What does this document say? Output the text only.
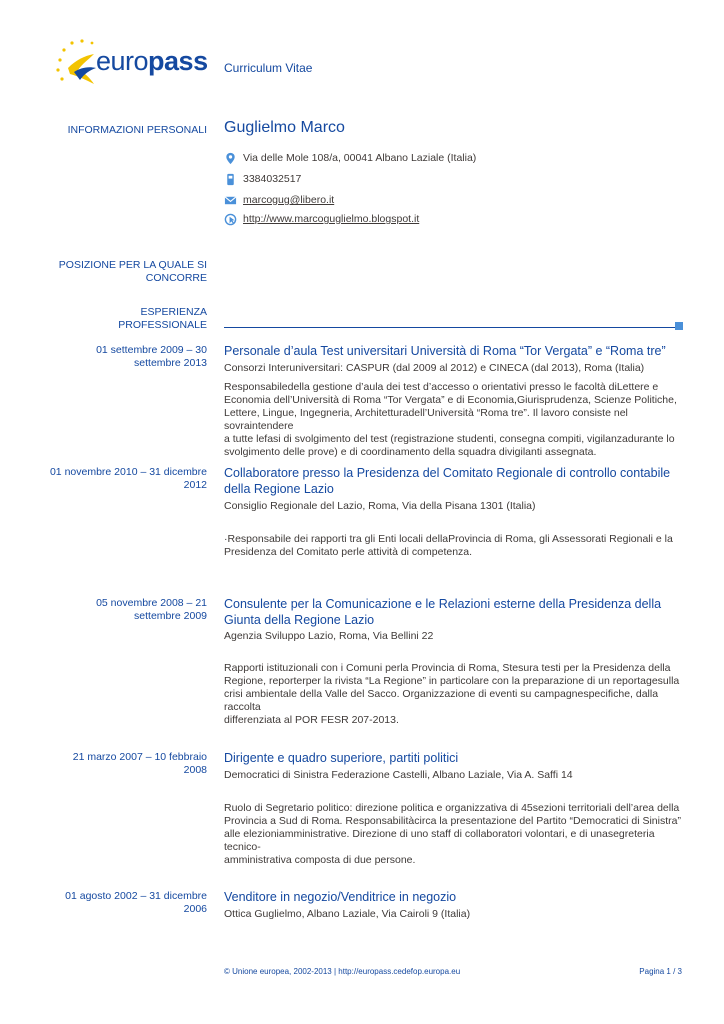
europass Curriculum Vitae
INFORMAZIONI PERSONALI Guglielmo Marco
Via delle Mole 108/a, 00041 Albano Laziale (Italia)
3384032517
marcogug@libero.it
http://www.marcoguglielmo.blogspot.it
POSIZIONE PER LA QUALE SI
CONCORRE
ESPERIENZA
PROFESSIONALE
01 settembre 2009 – 30
settembre 2013
Personale d’aula Test universitari Università di Roma “Tor Vergata” e “Roma tre”
Consorzi Interuniversitari: CASPUR (dal 2009 al 2012) e CINECA (dal 2013), Roma (Italia)
Responsabiledella gestione d’aula dei test d’accesso o orientativi presso le facoltà diLettere e
Economia dell’Università di Roma “Tor Vergata” e di Economia,Giurisprudenza, Scienze Politiche,
Lettere, Lingue, Ingegneria, Architetturadell’Università “Roma tre”. Il lavoro consiste nel sovraintendere
a tutte lefasi di svolgimento del test (registrazione studenti, consegna compiti, vigilanzadurante lo
svolgimento delle prove) e di coordinamento della squadra divigilanti assegnata.
01 novembre 2010 – 31 dicembre
2012
Collaboratore presso la Presidenza del Comitato Regionale di controllo contabile
della Regione Lazio
Consiglio Regionale del Lazio, Roma, Via della Pisana 1301 (Italia)
·Responsabile dei rapporti tra gli Enti locali dellaProvincia di Roma, gli Assessorati Regionali e la
Presidenza del Comitato perle attività di competenza.
05 novembre 2008 – 21
settembre 2009
Consulente per la Comunicazione e le Relazioni esterne della Presidenza della
Giunta della Regione Lazio
Agenzia Sviluppo Lazio, Roma, Via Bellini 22
Rapporti istituzionali con i Comuni perla Provincia di Roma, Stesura testi per la Presidenza della
Regione, reporterper la rivista “La Regione” in particolare con la preparazione di un reportagesulla
crisi ambientale della Valle del Sacco. Organizzazione di eventi su campagnespecifiche, dalla raccolta
differenziata al POR FESR 207-2013.
21 marzo 2007 – 10 febbraio
2008
Dirigente e quadro superiore, partiti politici
Democratici di Sinistra Federazione Castelli, Albano Laziale, Via A. Saffi 14
Ruolo di Segretario politico: direzione politica e organizzativa di 45sezioni territoriali dell’area della
Provincia a Sud di Roma. Responsabilitàcirca la presentazione del Partito “Democratici di Sinistra”
alle elezioniamministrative. Direzione di uno staff di collaboratori volontari, e di unasegreteria tecnico-
amministrativa composta di due persone.
01 agosto 2002 – 31 dicembre
2006
Venditore in negozio/Venditrice in negozio
Ottica Guglielmo, Albano Laziale, Via Cairoli 9 (Italia)
© Unione europea, 2002-2013 | http://europass.cedefop.europa.eu	Pagina 1 / 3
